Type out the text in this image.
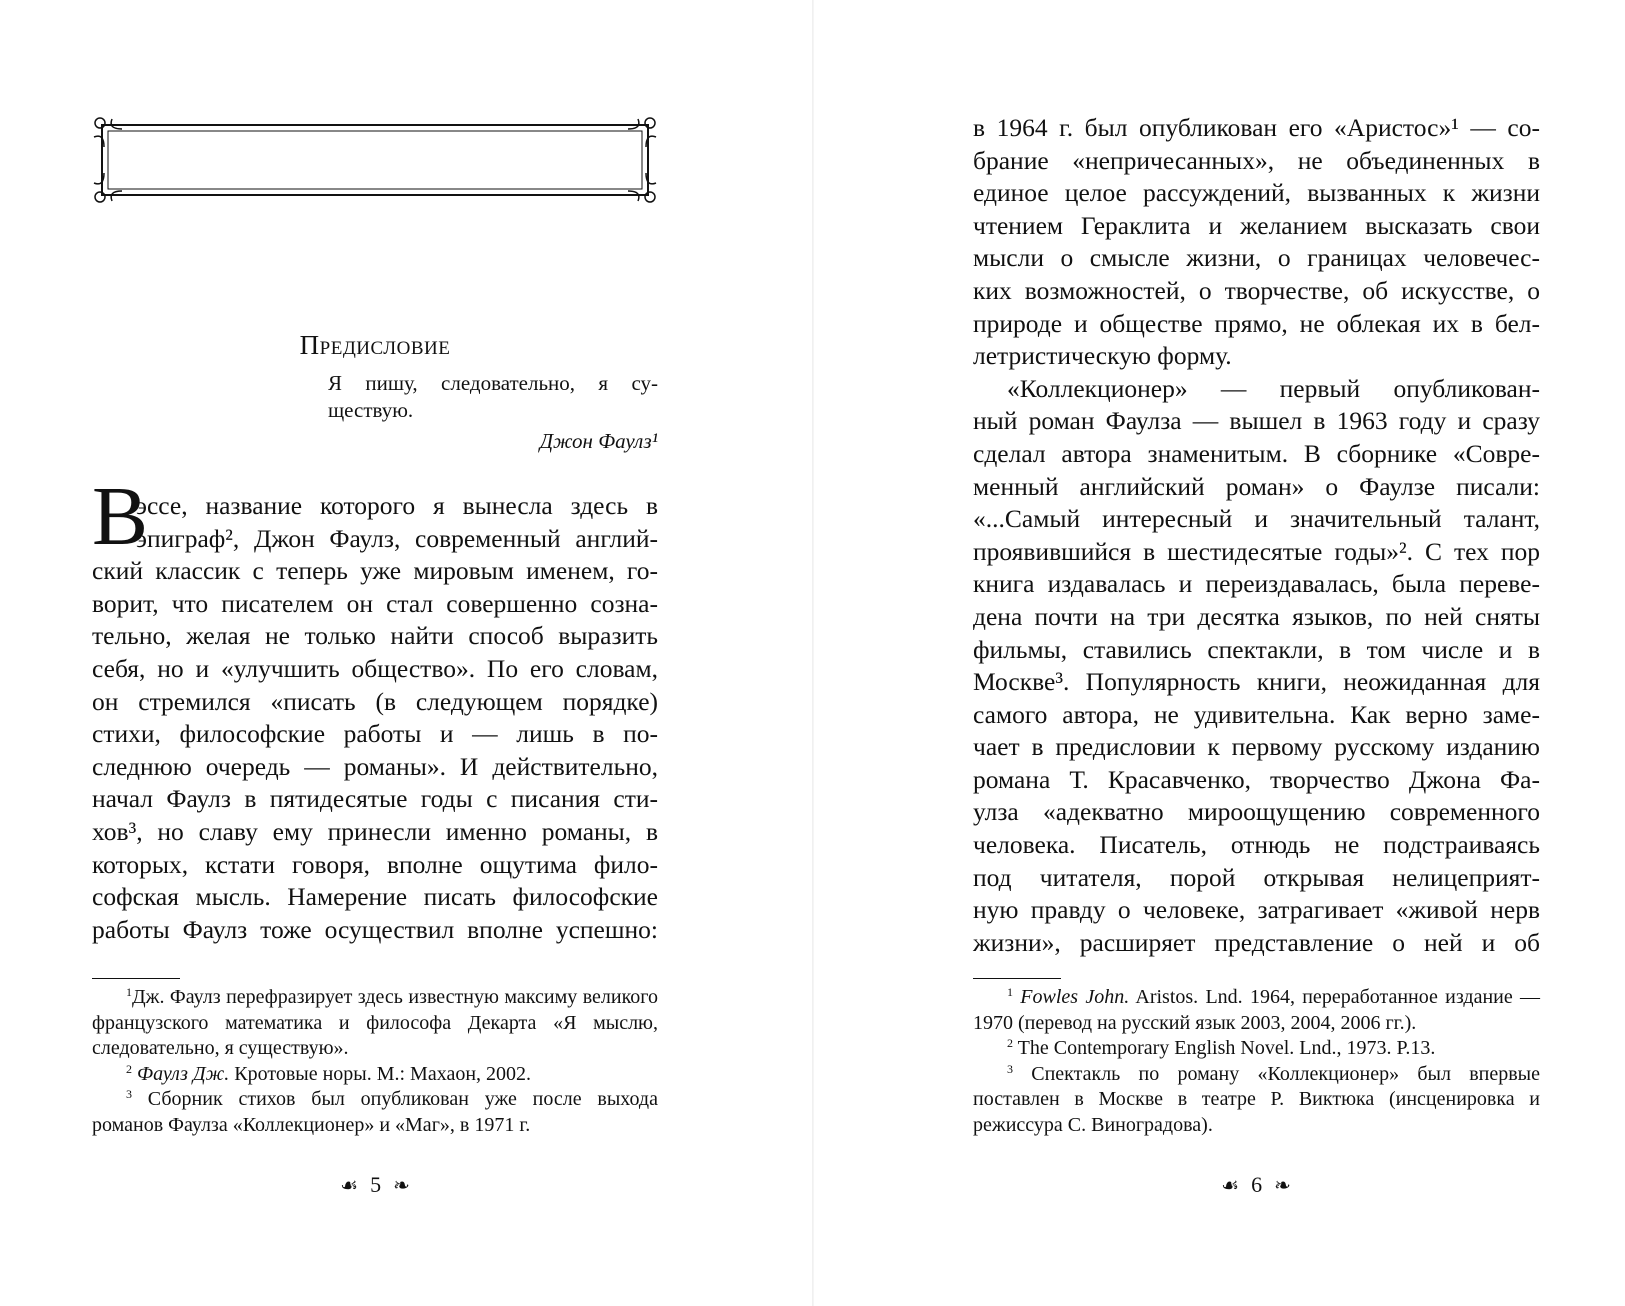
Предисловие
Я пишу, следовательно, я су-
ществую.
Джон Фаулз¹
В
эссе, название которого я вынесла здесь в
эпиграф², Джон Фаулз, современный англий-
ский классик с теперь уже мировым именем, го-
ворит, что писателем он стал совершенно созна-
тельно, желая не только найти способ выразить
себя, но и «улучшить общество». По его словам,
он стремился «писать (в следующем порядке)
стихи, философские работы и — лишь в по-
следнюю очередь — романы». И действительно,
начал Фаулз в пятидесятые годы с писания сти-
хов³, но славу ему принесли именно романы, в
которых, кстати говоря, вполне ощутима фило-
софская мысль. Намерение писать философские
работы Фаулз тоже осуществил вполне успешно:

$^1$Дж. Фаулз перефразирует здесь известную максиму великого французского математика и философа Декарта «Я мыслю, следовательно, я существую».

$^2$ Фаулз Дж. Кротовые норы. М.: Махаон, 2002.

$^3$ Сборник стихов был опубликован уже после выхода романов Фаулза «Коллекционер» и «Маг», в 1971 г.

☙ 5 ❧
в 1964 г. был опубликован его «Аристос»¹ — со-
брание «непричесанных», не объединенных в
единое целое рассуждений, вызванных к жизни
чтением Гераклита и желанием высказать свои
мысли о смысле жизни, о границах человечес-
ких возможностей, о творчестве, об искусстве, о
природе и обществе прямо, не облекая их в бел-
летристическую форму.
«Коллекционер» — первый опубликован-
ный роман Фаулза — вышел в 1963 году и сразу
сделал автора знаменитым. В сборнике «Совре-
менный английский роман» о Фаулзе писали:
«...Самый интересный и значительный талант,
проявившийся в шестидесятые годы»². С тех пор
книга издавалась и переиздавалась, была переве-
дена почти на три десятка языков, по ней сняты
фильмы, ставились спектакли, в том числе и в
Москве³. Популярность книги, неожиданная для
самого автора, не удивительна. Как верно заме-
чает в предисловии к первому русскому изданию
романа Т. Красавченко, творчество Джона Фа-
улза «адекватно мироощущению современного
человека. Писатель, отнюдь не подстраиваясь
под читателя, порой открывая нелицеприят-
ную правду о человеке, затрагивает «живой нерв
жизни», расширяет представление о ней и об

$^1$ Fowles John. Aristos. Lnd. 1964, переработанное издание — 1970 (перевод на русский язык 2003, 2004, 2006 гг.).

$^2$ The Contemporary English Novel. Lnd., 1973. P.13.

$^3$ Спектакль по роману «Коллекционер» был впервые поставлен в Москве в театре Р. Виктюка (инсценировка и режиссура С. Виноградова).

☙ 6 ❧
